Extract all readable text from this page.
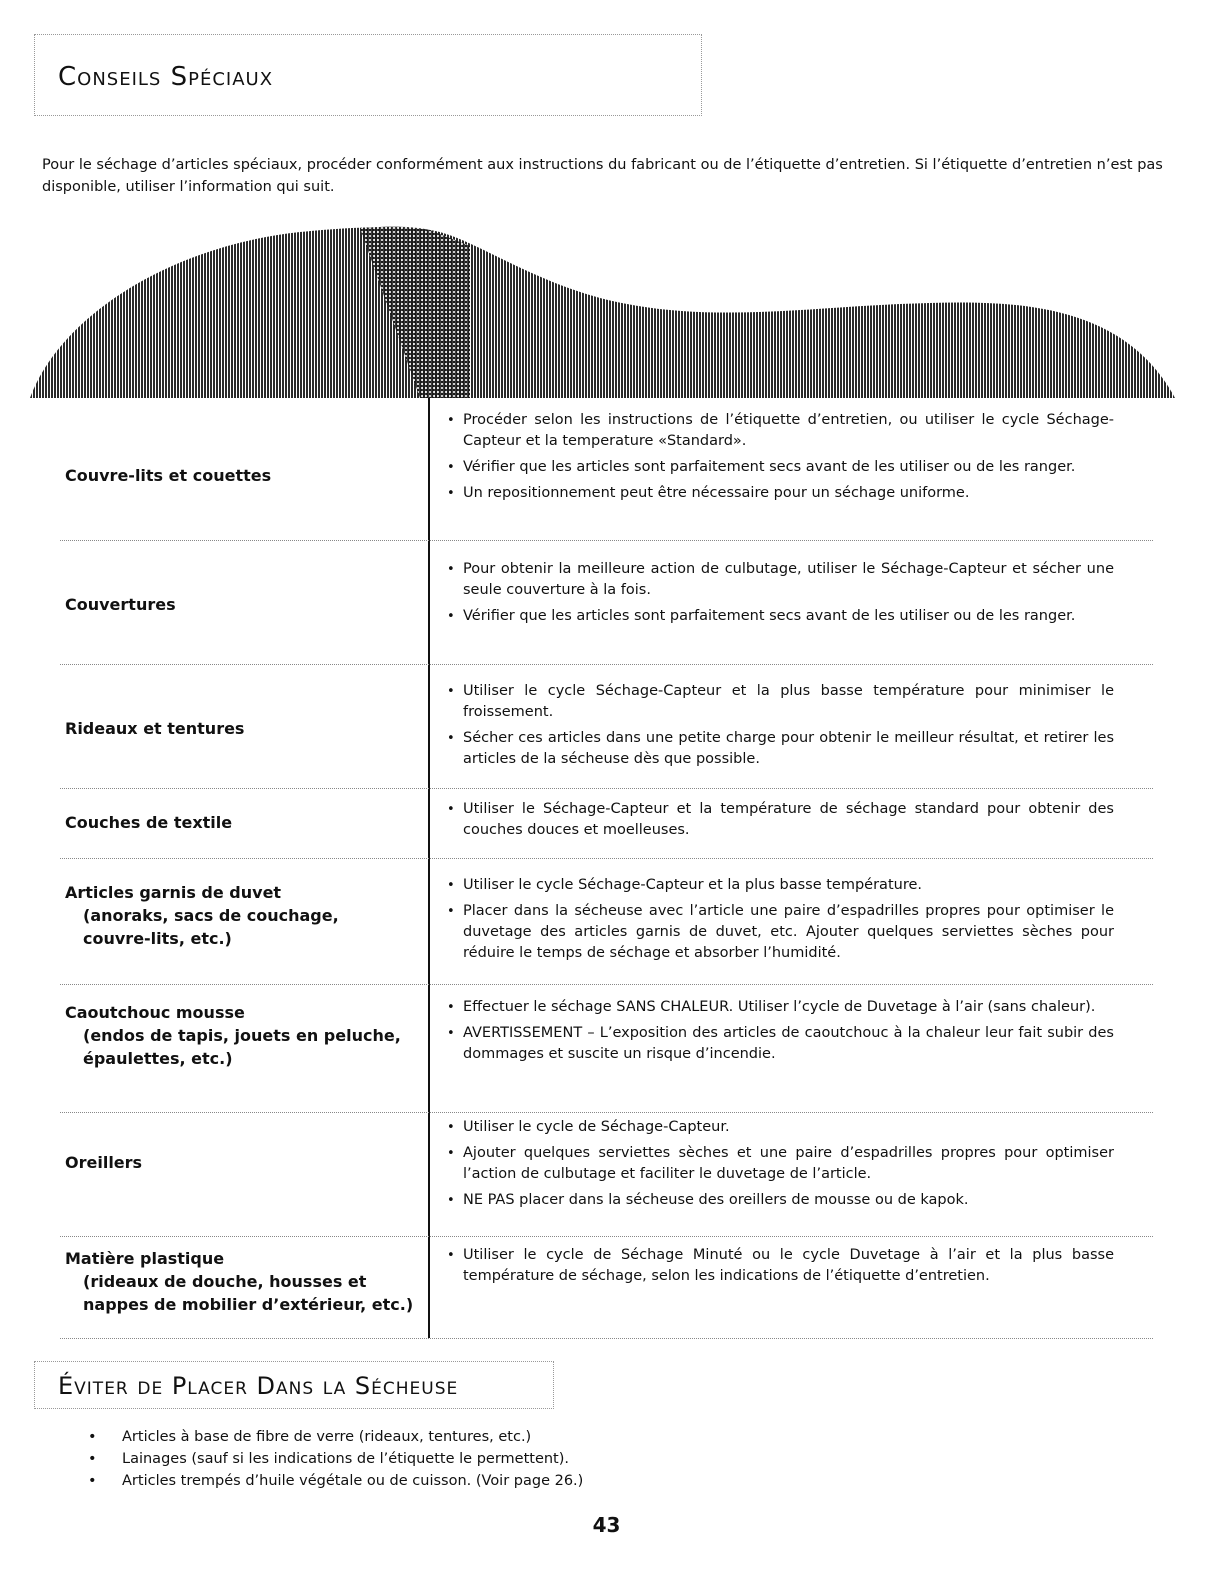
Conseils Spéciaux
Pour le séchage d’articles spéciaux, procéder conformément aux instructions du fabricant ou de l’étiquette d’entretien. Si l’étiquette d’entretien n’est pas disponible, utiliser l’information qui suit.
Couvre-lits et couettes
• Procéder selon les instructions de l’étiquette d’entretien, ou utiliser le cycle Séchage-Capteur et la temperature «Standard».
• Vérifier que les articles sont parfaitement secs avant de les utiliser ou de les ranger.
• Un repositionnement peut être nécessaire pour un séchage uniforme.
Couvertures
• Pour obtenir la meilleure action de culbutage, utiliser le Séchage-Capteur et sécher une seule couverture à la fois.
• Vérifier que les articles sont parfaitement secs avant de les utiliser ou de les ranger.
Rideaux et tentures
• Utiliser le cycle Séchage-Capteur et la plus basse température pour minimiser le froissement.
• Sécher ces articles dans une petite charge pour obtenir le meilleur résultat, et retirer les articles de la sécheuse dès que possible.
Couches de textile
• Utiliser le Séchage-Capteur et la température de séchage standard pour obtenir des couches douces et moelleuses.
Articles garnis de duvet
(anoraks, sacs de couchage,
couvre-lits, etc.)
• Utiliser le cycle Séchage-Capteur et la plus basse température.
• Placer dans la sécheuse avec l’article une paire d’espadrilles propres pour optimiser le duvetage des articles garnis de duvet, etc. Ajouter quelques serviettes sèches pour réduire le temps de séchage et absorber l’humidité.
Caoutchouc mousse
(endos de tapis, jouets en peluche,
épaulettes, etc.)
• Effectuer le séchage SANS CHALEUR. Utiliser l’cycle de Duvetage à l’air (sans chaleur).
• AVERTISSEMENT – L’exposition des articles de caoutchouc à la chaleur leur fait subir des dommages et suscite un risque d’incendie.
Oreillers
• Utiliser le cycle de Séchage-Capteur.
• Ajouter quelques serviettes sèches et une paire d’espadrilles propres pour optimiser l’action de culbutage et faciliter le duvetage de l’article.
• NE PAS placer dans la sécheuse des oreillers de mousse ou de kapok.
Matière plastique
(rideaux de douche, housses et
nappes de mobilier d’extérieur, etc.)
• Utiliser le cycle de Séchage Minuté ou le cycle Duvetage à l’air et la plus basse température de séchage, selon les indications de l’étiquette d’entretien.
Éviter de Placer Dans la Sécheuse
• Articles à base de fibre de verre (rideaux, tentures, etc.)
• Lainages (sauf si les indications de l’étiquette le permettent).
• Articles trempés d’huile végétale ou de cuisson. (Voir page 26.)
43
